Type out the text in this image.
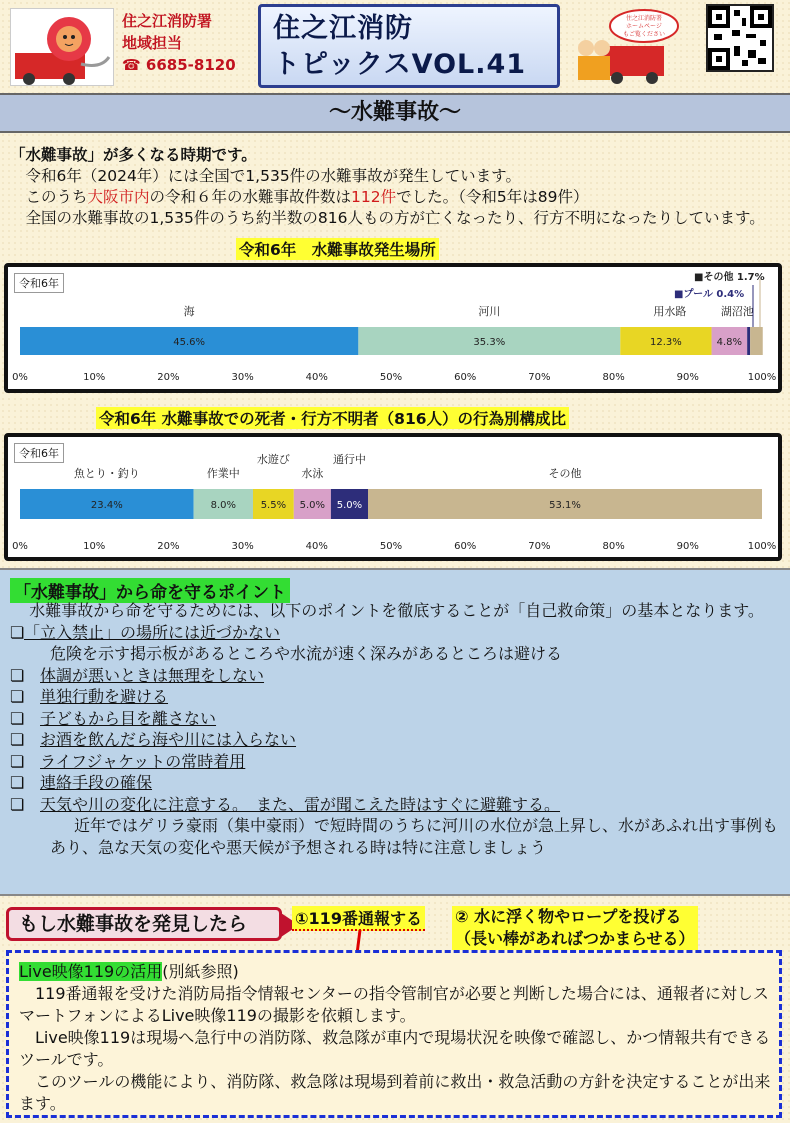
住之江消防署
地域担当
☎ 6685-8120
住之江消防
トピックスVOL.41
住之江消防署
ホームページ
もご覧ください
～水難事故～

「水難事故」が多くなる時期です。

令和6年（2024年）には全国で1,535件の水難事故が発生しています。

このうち大阪市内の令和６年の水難事故件数は112件でした。（令和5年は89件）

全国の水難事故の1,535件のうち約半数の816人もの方が亡くなったり、行方不明になったりしています。

令和6年　水難事故発生場所
令和6年
45.6%
海
35.3%
河川
12.3%
用水路
4.8%
湖沼池
0%	10%	20%	30%	40%	50%	60%	70%	80%	90%	100%
■その他 1.7%
■プール 0.4%
令和6年 水難事故での死者・行方不明者（816人）の行為別構成比
令和6年
23.4%
魚とり・釣り
8.0%
作業中
5.5%
水遊び
5.0%
水泳
5.0%
通行中
53.1%
その他
0%	10%	20%	30%	40%	50%	60%	70%	80%	90%	100%
「水難事故」から命を守るポイント

水難事故から命を守るためには、以下のポイントを徹底することが「自己救命策」の基本となります。

❏「立入禁止」の場所には近づかない

危険を示す掲示板があるところや水流が速く深みがあるところは避ける

❏　 体調が悪いときは無理をしない

❏　 単独行動を避ける

❏　 子どもから目を離さない

❏　 お酒を飲んだら海や川には入らない

❏　 ライフジャケットの常時着用

❏　 連絡手段の確保

❏　 天気や川の変化に注意する。　また、雷が聞こえた時はすぐに避難する。

近年ではゲリラ豪雨（集中豪雨）で短時間のうちに河川の水位が急上昇し、水があふれ出す事例もあり、急な天気の変化や悪天候が予想される時は特に注意しましょう

もし水難事故を発見したら	①119番通報する ② 水に浮く物やロープを投げる
（長い棒があればつかまらせる）

Live映像119の活用(別紙参照)

119番通報を受けた消防局指令情報センターの指令管制官が必要と判断した場合には、通報者に対しスマートフォンによるLive映像119の撮影を依頼します。

Live映像119は現場へ急行中の消防隊、救急隊が車内で現場状況を映像で確認し、かつ情報共有できるツールです。

このツールの機能により、消防隊、救急隊は現場到着前に救出・救急活動の方針を決定することが出来ます。
